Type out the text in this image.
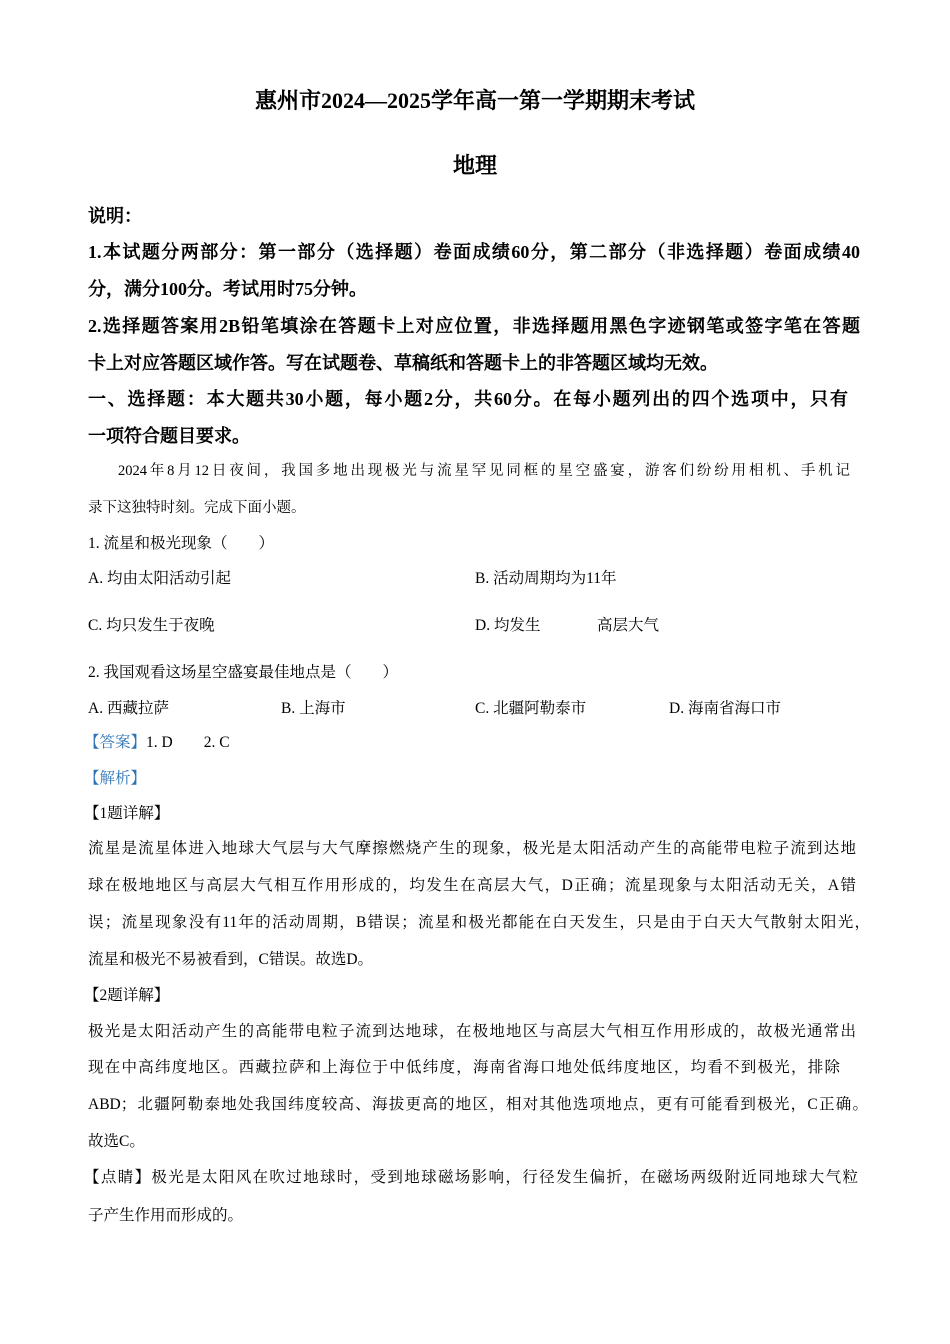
惠州市2024—2025学年高一第一学期期末考试
地理
说明：
1.本试题分两部分：第一部分（选择题）卷面成绩60分，第二部分（非选择题）卷面成绩40
分，满分100分。考试用时75分钟。
2.选择题答案用2B铅笔填涂在答题卡上对应位置，非选择题用黑色字迹钢笔或签字笔在答题
卡上对应答题区域作答。写在试题卷、草稿纸和答题卡上的非答题区域均无效。
一、选择题：本大题共30小题，每小题2分，共60分。在每小题列出的四个选项中，只有
一项符合题目要求。
2024年8月12日夜间，我国多地出现极光与流星罕见同框的星空盛宴，游客们纷纷用相机、手机记
录下这独特时刻。完成下面小题。
1. 流星和极光现象（　　）
A. 均由太阳活动引起	B. 活动周期均为11年
C. 均只发生于夜晚	D. 均发生	高层大气
2. 我国观看这场星空盛宴最佳地点是（　　）
A. 西藏拉萨	B. 上海市	C. 北疆阿勒泰市	D. 海南省海口市
【答案】1. D　　2. C
【解析】
【1题详解】
流星是流星体进入地球大气层与大气摩擦燃烧产生的现象，极光是太阳活动产生的高能带电粒子流到达地
球在极地地区与高层大气相互作用形成的，均发生在高层大气，D正确；流星现象与太阳活动无关，A错
误；流星现象没有11年的活动周期，B错误；流星和极光都能在白天发生，只是由于白天大气散射太阳光，
流星和极光不易被看到，C错误。故选D。
【2题详解】
极光是太阳活动产生的高能带电粒子流到达地球，在极地地区与高层大气相互作用形成的，故极光通常出
现在中高纬度地区。西藏拉萨和上海位于中低纬度，海南省海口地处低纬度地区，均看不到极光，排除
ABD；北疆阿勒泰地处我国纬度较高、海拔更高的地区，相对其他选项地点，更有可能看到极光，C正确。
故选C。
【点睛】极光是太阳风在吹过地球时，受到地球磁场影响，行径发生偏折，在磁场两级附近同地球大气粒
子产生作用而形成的。
